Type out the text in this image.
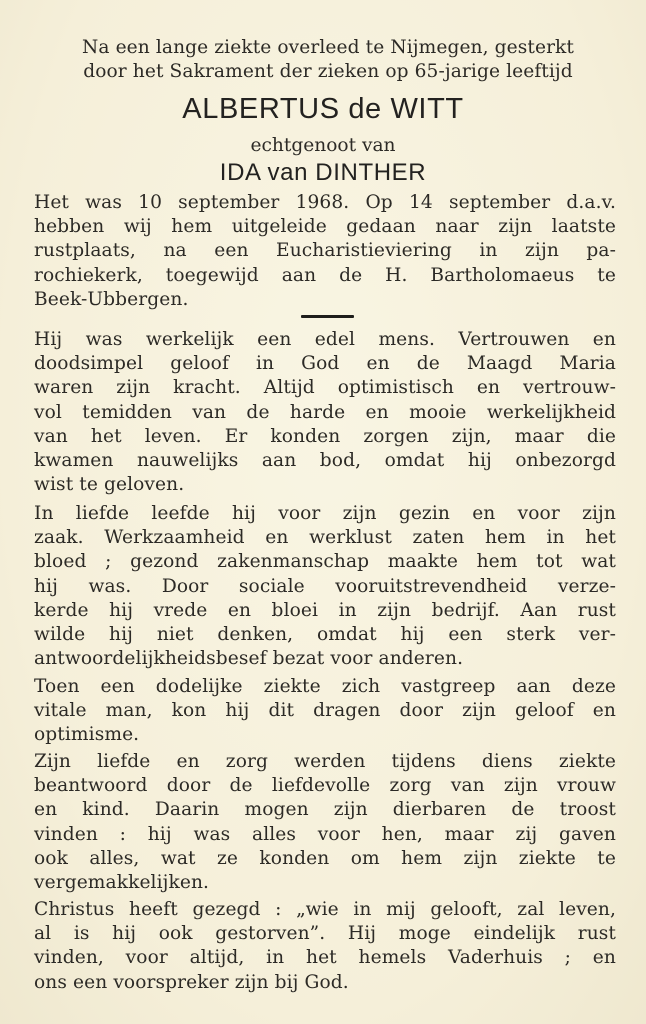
Na een lange ziekte overleed te Nijmegen, gesterkt
door het Sakrament der zieken op 65-jarige leeftijd
ALBERTUS de WITT
echtgenoot van
IDA van DINTHER
Het was 10 september 1968. Op 14 september d.a.v.
hebben wij hem uitgeleide gedaan naar zijn laatste
rustplaats, na een Eucharistieviering in zijn pa-
rochiekerk, toegewijd aan de H. Bartholomaeus te
Beek-Ubbergen.
Hij was werkelijk een edel mens. Vertrouwen en
doodsimpel geloof in God en de Maagd Maria
waren zijn kracht. Altijd optimistisch en vertrouw-
vol temidden van de harde en mooie werkelijkheid
van het leven. Er konden zorgen zijn, maar die
kwamen nauwelijks aan bod, omdat hij onbezorgd
wist te geloven.
In liefde leefde hij voor zijn gezin en voor zijn
zaak. Werkzaamheid en werklust zaten hem in het
bloed ; gezond zakenmanschap maakte hem tot wat
hij was. Door sociale vooruitstrevendheid verze-
kerde hij vrede en bloei in zijn bedrijf. Aan rust
wilde hij niet denken, omdat hij een sterk ver-
antwoordelijkheidsbesef bezat voor anderen.
Toen een dodelijke ziekte zich vastgreep aan deze
vitale man, kon hij dit dragen door zijn geloof en
optimisme.
Zijn liefde en zorg werden tijdens diens ziekte
beantwoord door de liefdevolle zorg van zijn vrouw
en kind. Daarin mogen zijn dierbaren de troost
vinden : hij was alles voor hen, maar zij gaven
ook alles, wat ze konden om hem zijn ziekte te
vergemakkelijken.
Christus heeft gezegd : „wie in mij gelooft, zal leven,
al is hij ook gestorven”. Hij moge eindelijk rust
vinden, voor altijd, in het hemels Vaderhuis ; en
ons een voorspreker zijn bij God.
